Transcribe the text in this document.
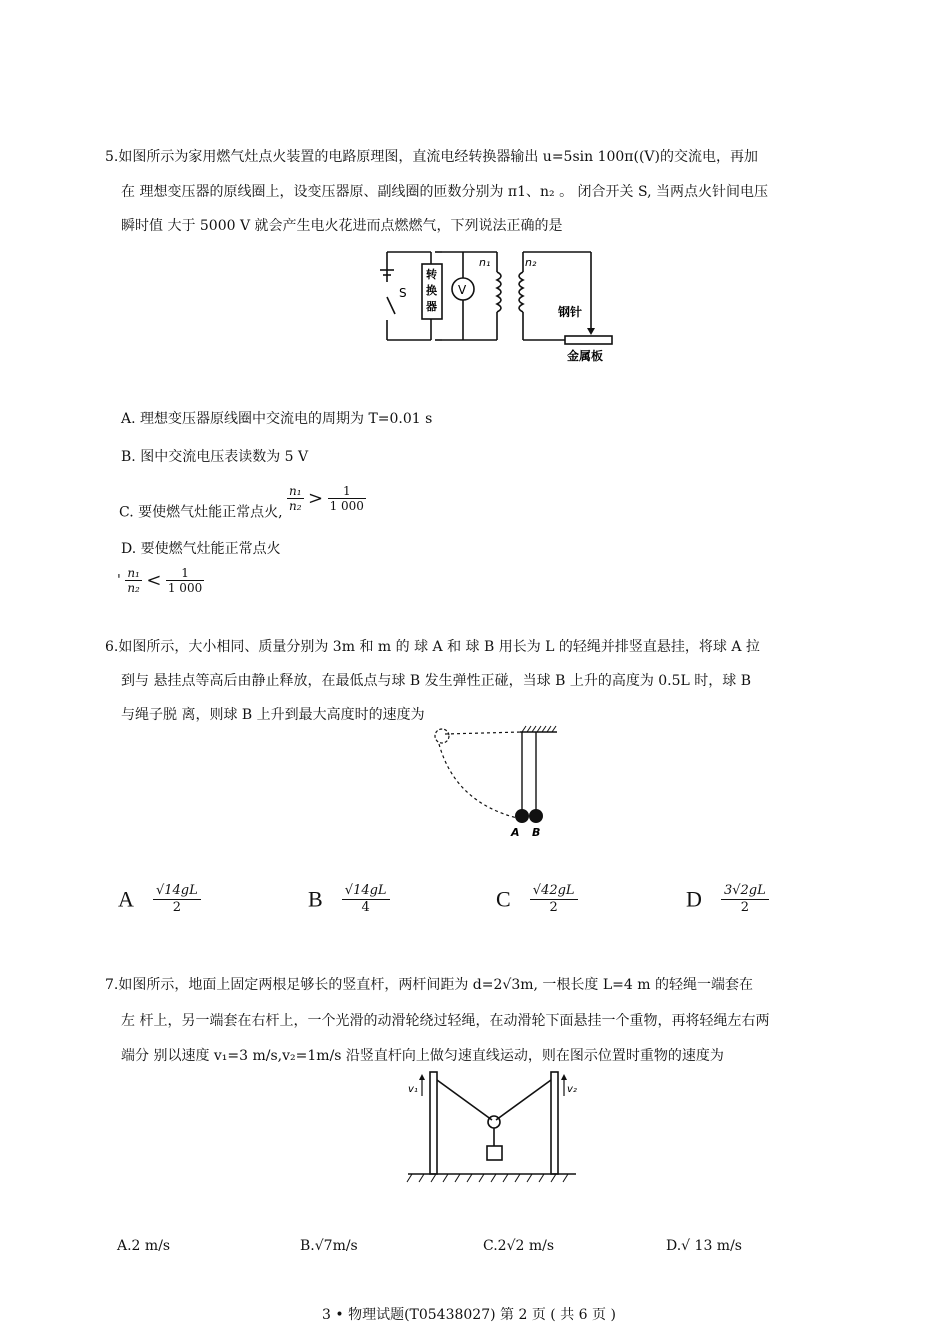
5.如图所示为家用燃气灶点火装置的电路原理图，直流电经转换器输出 u=5sin 100π((V)的交流电，再加
在 理想变压器的原线圈上，设变压器原、副线圈的匝数分别为 π1、n₂ 。 闭合开关 S, 当两点火针间电压
瞬时值 大于 5000 V 就会产生电火花进而点燃燃气，下列说法正确的是
S
转
换
器
V
n₁	n₂
钢针
金属板
A. 理想变压器原线圈中交流电的周期为 T=0.01 s
B. 图中交流电压表读数为 5 V
C. 要使燃气灶能正常点火, $\frac{\text{n₁}}{\text{n₂}} > \frac{1}{1 000}$
D. 要使燃气灶能正常点火
' $\frac{\text{n₁}}{\text{n₂}} < \frac{1}{1 000}$
6.如图所示，大小相同、质量分别为 3m 和 m 的 球 A 和 球 B 用长为 L 的轻绳并排竖直悬挂，将球 A 拉
到与 悬挂点等高后由静止释放，在最低点与球 B 发生弹性正碰，当球 B 上升的高度为 0.5L 时，球 B
与绳子脱 离，则球 B 上升到最大高度时的速度为
A B
A $\frac{√14gL}{2}$	B $\frac{√14gL}{4}$	C $\frac{√42gL}{2}$	D $\frac{3√2gL}{2}$
7.如图所示，地面上固定两根足够长的竖直杆，两杆间距为 d=2√3m, 一根长度 L=4 m 的轻绳一端套在
左 杆上，另一端套在右杆上，一个光滑的动滑轮绕过轻绳，在动滑轮下面悬挂一个重物，再将轻绳左右两
端分 别以速度 v₁=3 m/s,v₂=1m/s 沿竖直杆向上做匀速直线运动，则在图示位置时重物的速度为
v₁	v₂
A.2 m/s	B.√7m/s	C.2√2 m/s	D.√ 13 m/s
3 • 物理试题(T05438027) 第 2 页 ( 共 6 页 )
